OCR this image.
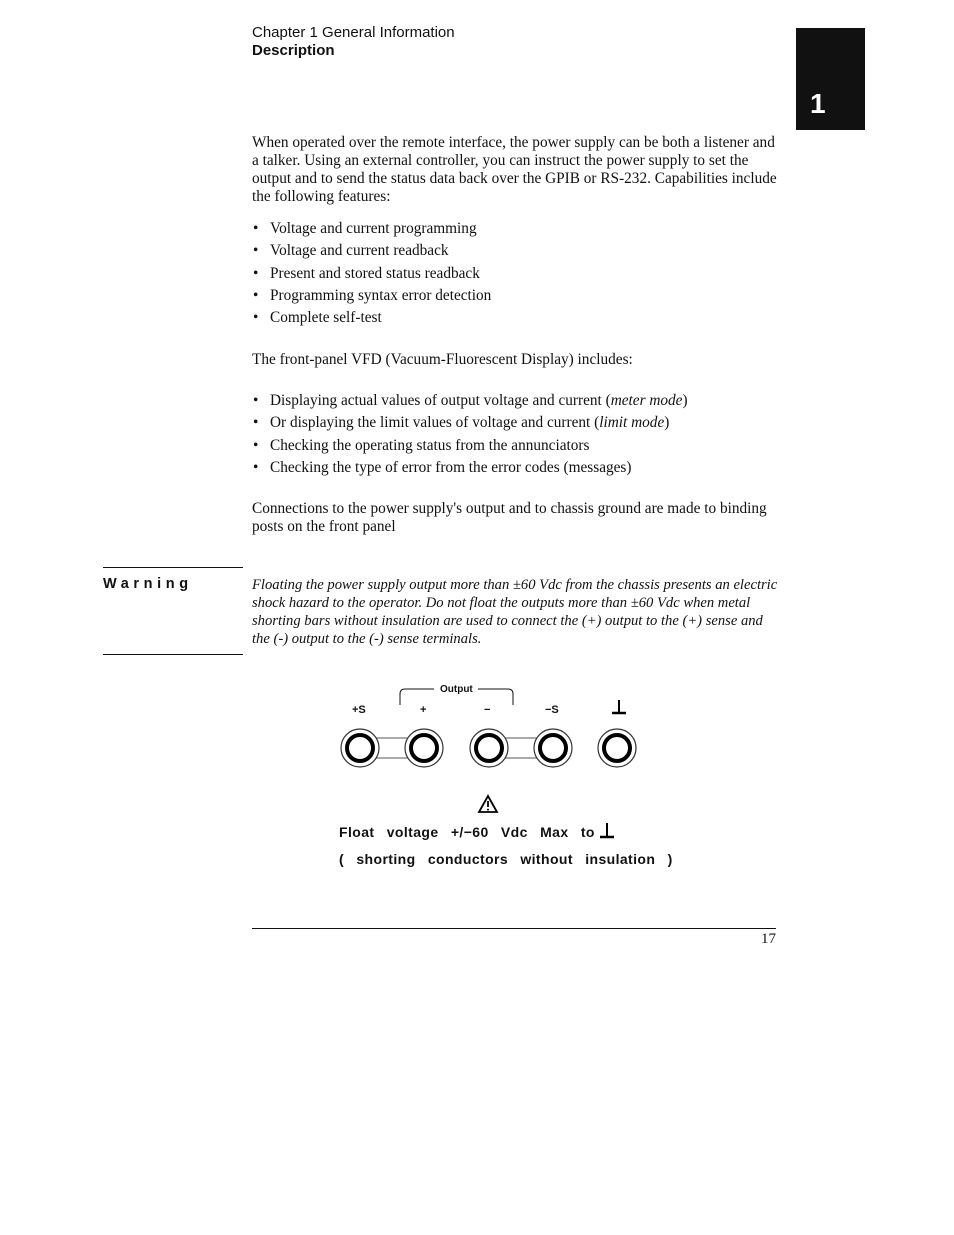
Chapter 1 General Information
Description
1
When operated over the remote interface, the power supply can be both a listener and a talker. Using an external controller, you can instruct the power supply to set the output and to send the status data back over the GPIB or RS-232. Capabilities include the following features:
• Voltage and current programming
• Voltage and current readback
• Present and stored status readback
• Programming syntax error detection
• Complete self-test
The front-panel VFD (Vacuum-Fluorescent Display) includes:
• Displaying actual values of output voltage and current (meter mode)
• Or displaying the limit values of voltage and current (limit mode)
• Checking the operating status from the annunciators
• Checking the type of error from the error codes (messages)
Connections to the power supply's output and to chassis ground are made to binding posts on the front panel
Warning	Floating the power supply output more than ±60 Vdc from the chassis presents an electric shock hazard to the operator. Do not float the outputs more than ±60 Vdc when metal shorting bars without insulation are used to connect the (+) output to the (+) sense and the (-) output to the (-) sense terminals.
Output
+S	+	−	−S
Float voltage +/−60 Vdc Max to
( shorting conductors without insulation )
17
